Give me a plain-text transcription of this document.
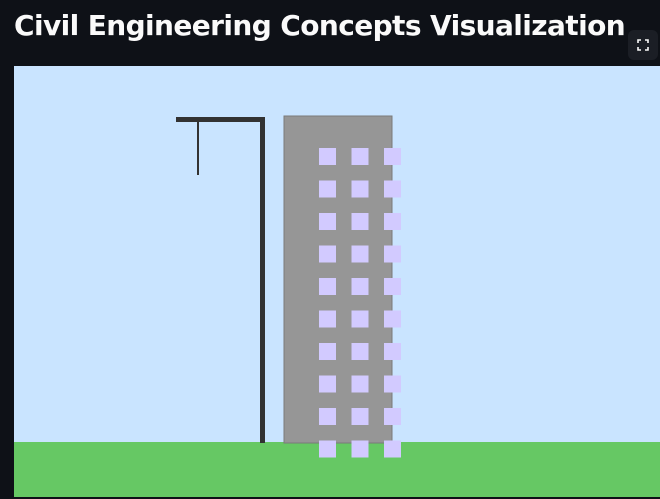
Civil Engineering Concepts Visualization
